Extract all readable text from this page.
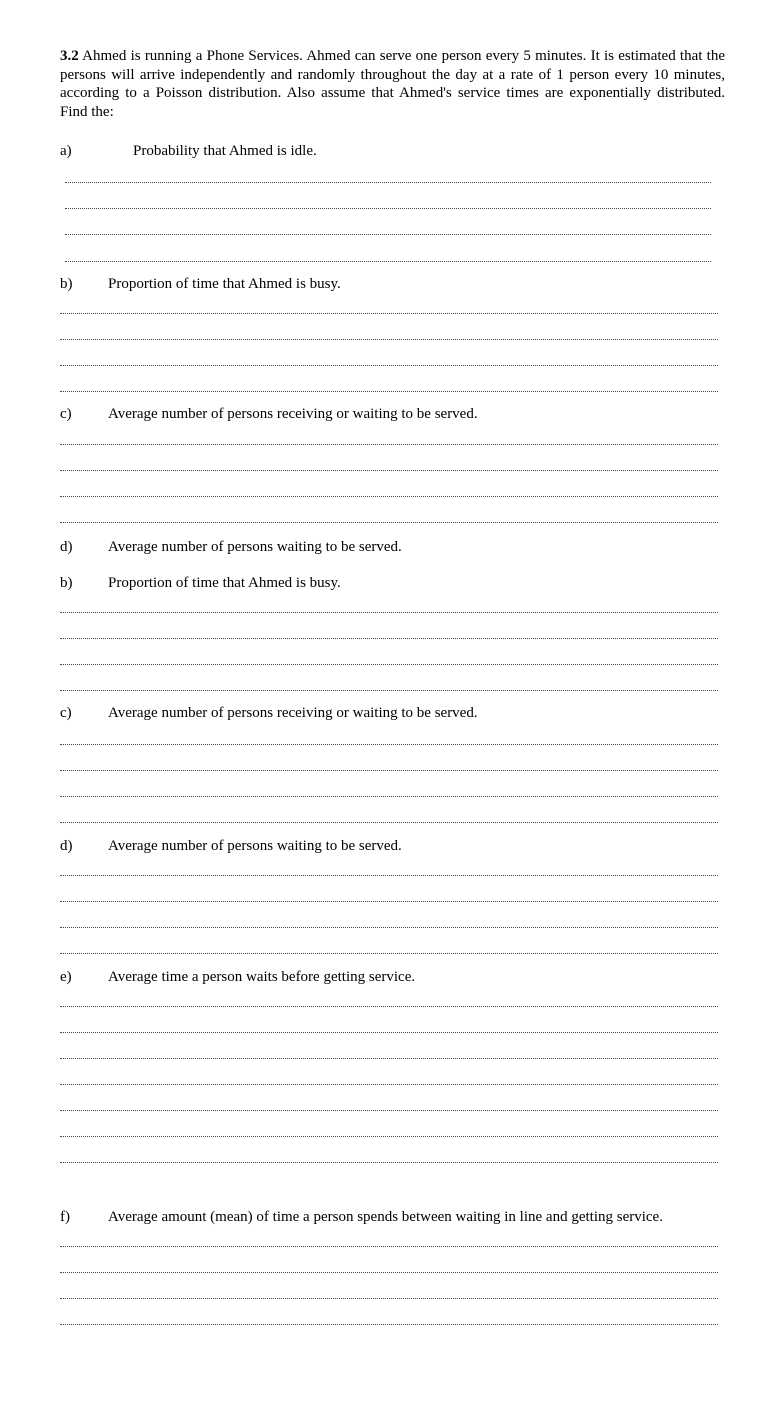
3.2 Ahmed is running a Phone Services. Ahmed can serve one person every 5 minutes. It is estimated that the persons will arrive independently and randomly throughout the day at a rate of 1 person every 10 minutes, according to a Poisson distribution. Also assume that Ahmed's service times are exponentially distributed. Find the:
a)	Probability that Ahmed is idle.
b) Proportion of time that Ahmed is busy.
c) Average number of persons receiving or waiting to be served.
d) Average number of persons waiting to be served.
b) Proportion of time that Ahmed is busy.
c) Average number of persons receiving or waiting to be served.
d) Average number of persons waiting to be served.
e) Average time a person waits before getting service.
f)	Average amount (mean) of time a person spends between waiting in line and getting service.
